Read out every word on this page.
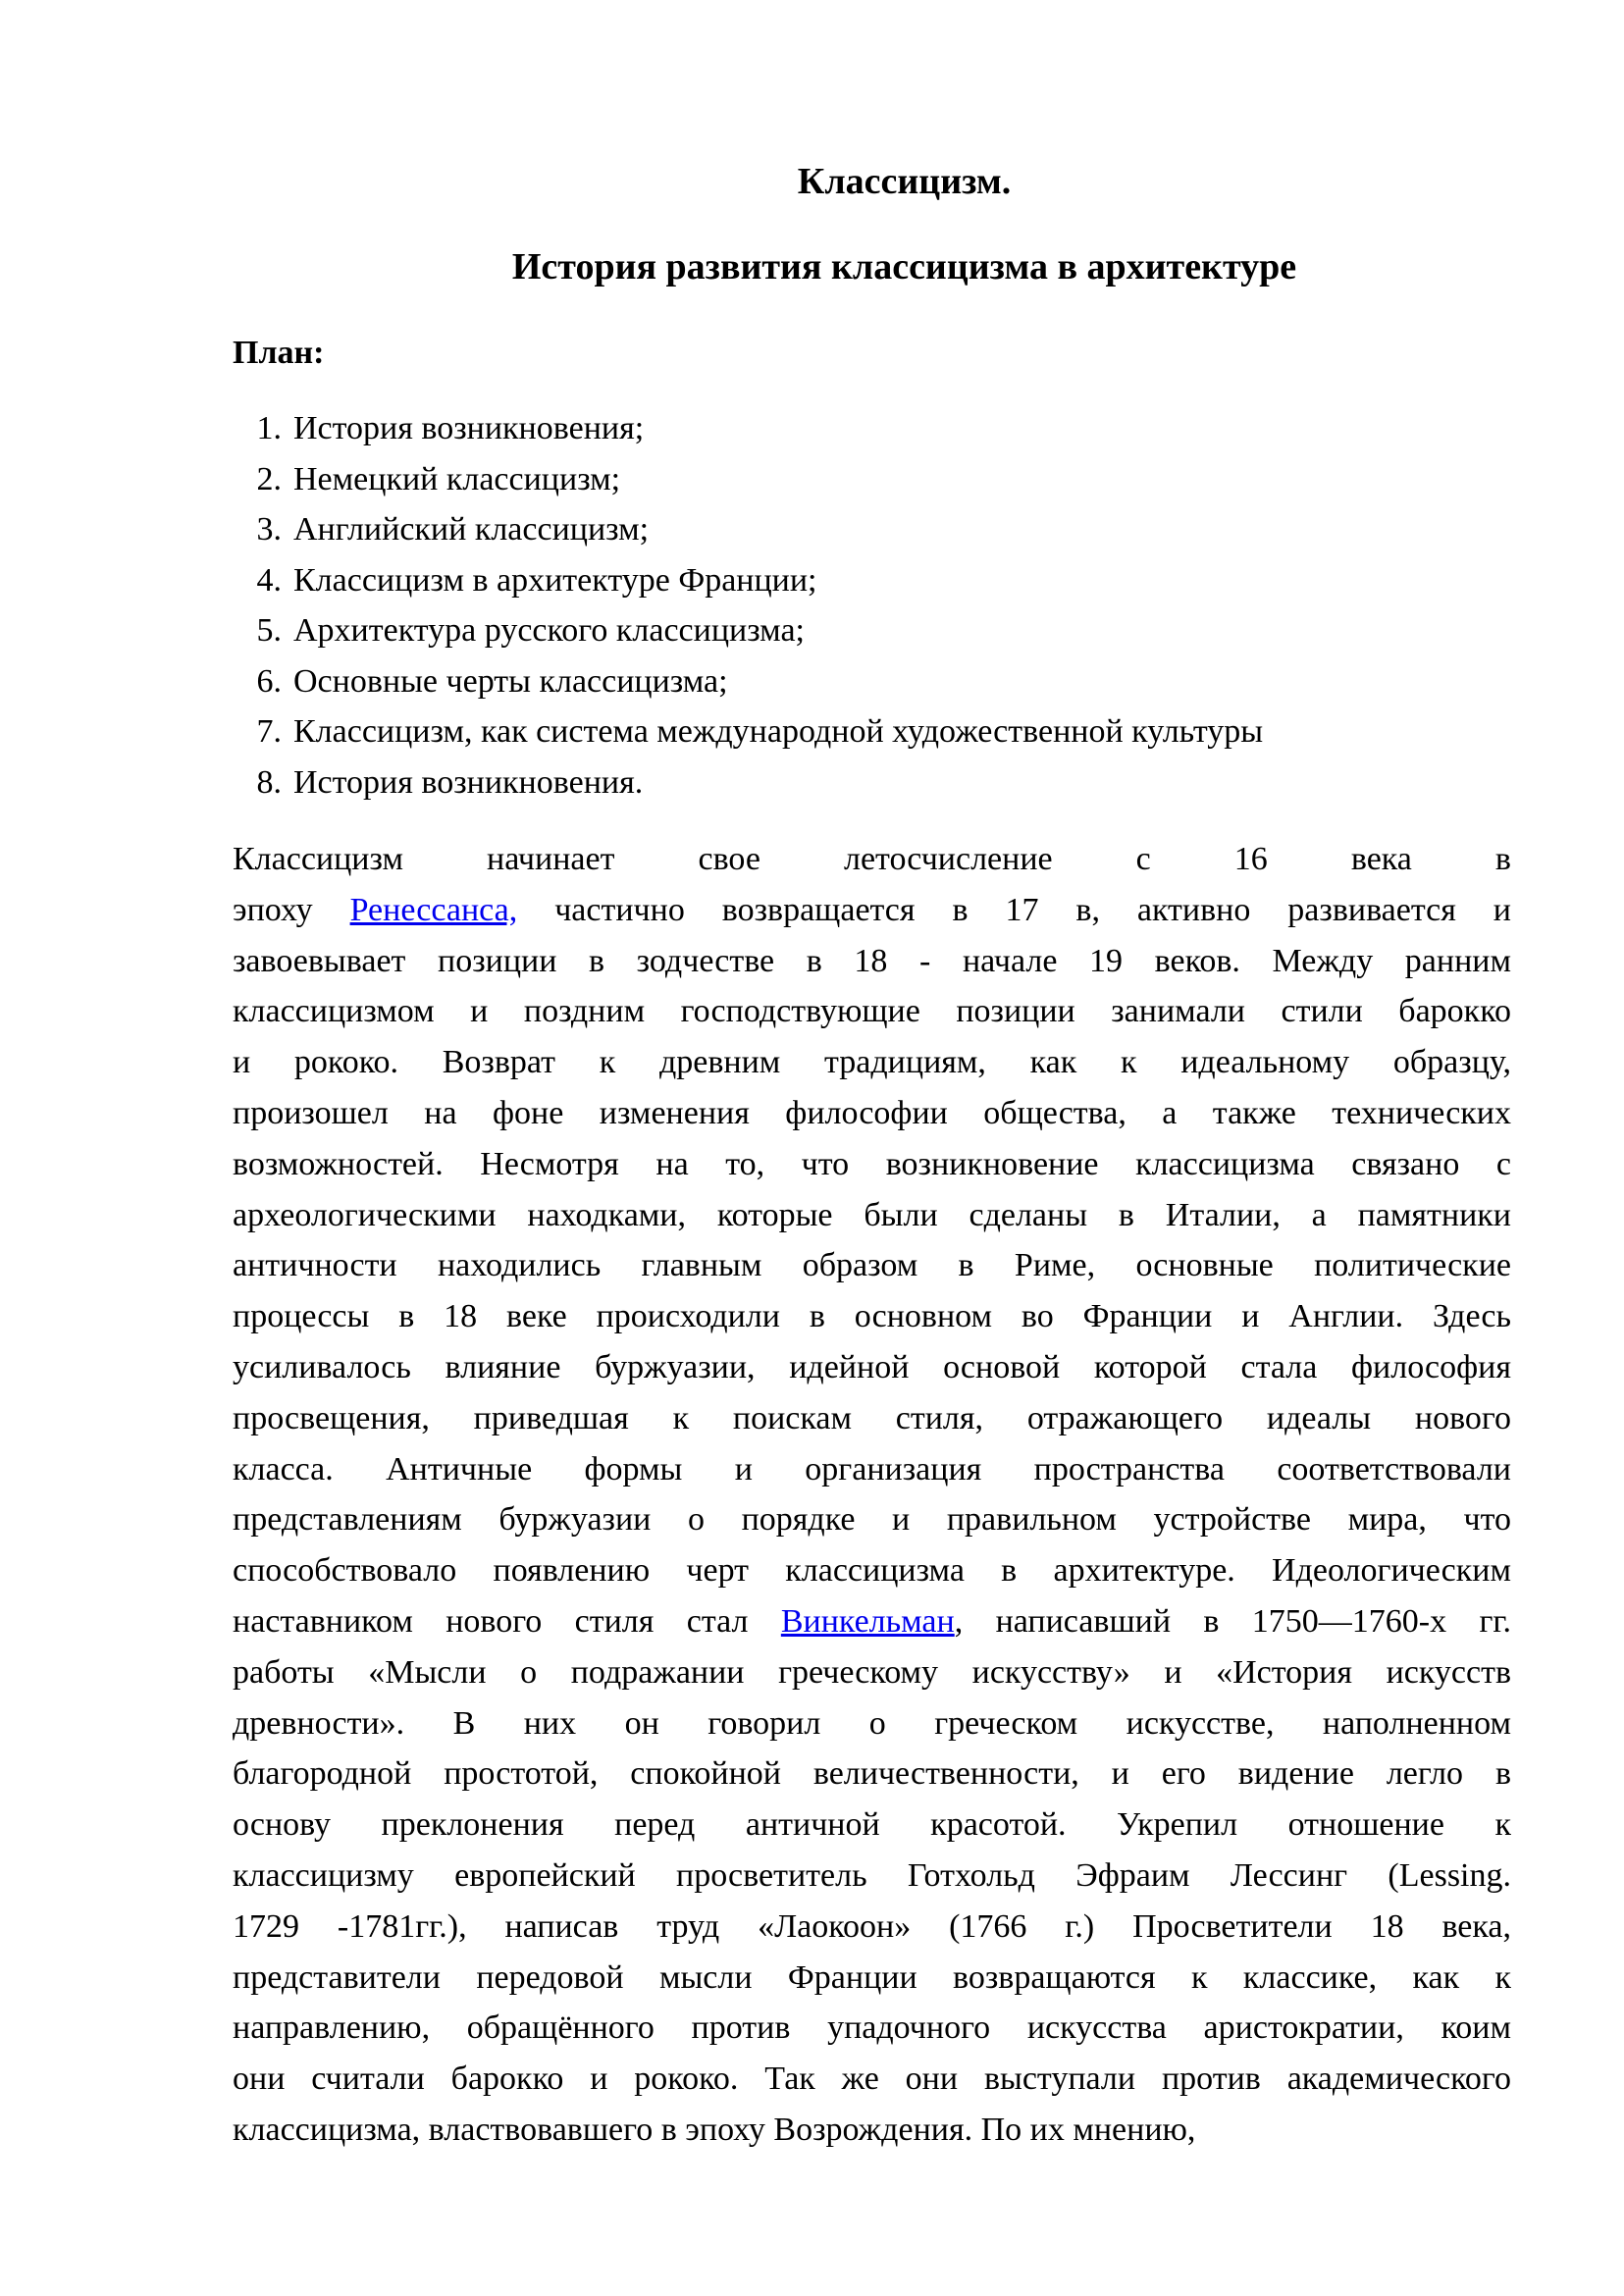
Классицизм.
История развития классицизма в архитектуре
План:
1. История возникновения;
2. Немецкий классицизм;
3. Английский классицизм;
4. Классицизм в архитектуре Франции;
5. Архитектура русского классицизма;
6. Основные черты классицизма;
7. Классицизм, как система международной художественной культуры
8. История возникновения.
Классицизм начинает свое летосчисление с 16 века в
эпоху Ренессанса, частично возвращается в 17 в, активно развивается и
завоевывает позиции в зодчестве в 18 - начале 19 веков. Между ранним
классицизмом и поздним господствующие позиции занимали стили барокко
и рококо. Возврат к древним традициям, как к идеальному образцу,
произошел на фоне изменения философии общества, а также технических
возможностей. Несмотря на то, что возникновение классицизма связано с
археологическими находками, которые были сделаны в Италии, а памятники
античности находились главным образом в Риме, основные политические
процессы в 18 веке происходили в основном во Франции и Англии. Здесь
усиливалось влияние буржуазии, идейной основой которой стала философия
просвещения, приведшая к поискам стиля, отражающего идеалы нового
класса. Античные формы и организация пространства соответствовали
представлениям буржуазии о порядке и правильном устройстве мира, что
способствовало появлению черт классицизма в архитектуре. Идеологическим
наставником нового стиля стал Винкельман, написавший в 1750—1760-х гг.
работы «Мысли о подражании греческому искусству» и «История искусств
древности». В них он говорил о греческом искусстве, наполненном
благородной простотой, спокойной величественности, и его видение легло в
основу преклонения перед античной красотой. Укрепил отношение к
классицизму европейский просветитель Готхольд Эфраим Лессинг (Lessing.
1729 -1781гг.), написав труд «Лаокоон» (1766 г.) Просветители 18 века,
представители передовой мысли Франции возвращаются к классике, как к
направлению, обращённого против упадочного искусства аристократии, коим
они считали барокко и рококо. Так же они выступали против академического
классицизма, властвовавшего в эпоху Возрождения. По их мнению,
